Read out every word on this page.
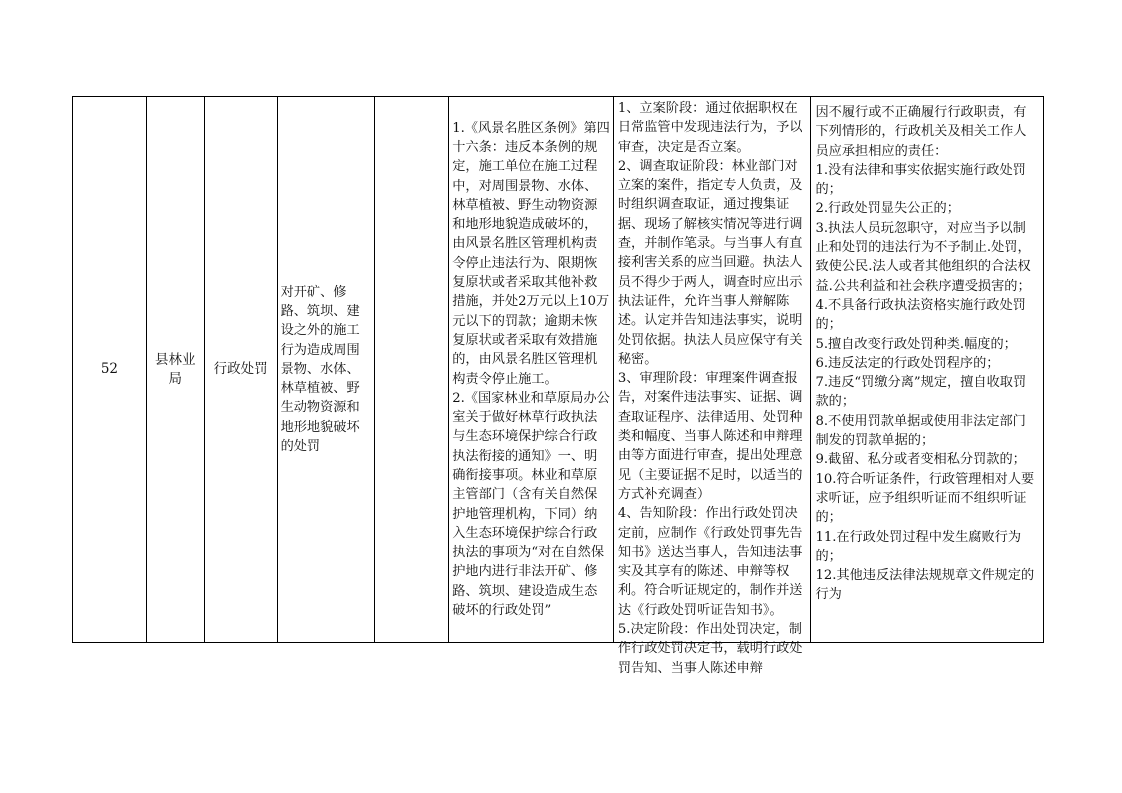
52
县林业局
行政处罚
对开矿、修路、筑坝、建设之外的施工行为造成周围景物、水体、林草植被、野生动物资源和地形地貌破坏的处罚
1.《风景名胜区条例》第四十六条：违反本条例的规定，施工单位在施工过程中，对周围景物、水体、林草植被、野生动物资源和地形地貌造成破坏的，由风景名胜区管理机构责令停止违法行为、限期恢复原状或者采取其他补救措施，并处2万元以上10万元以下的罚款；逾期未恢复原状或者采取有效措施的，由风景名胜区管理机构责令停止施工。
2.《国家林业和草原局办公室关于做好林草行政执法与生态环境保护综合行政执法衔接的通知》一、明确衔接事项。林业和草原主管部门（含有关自然保护地管理机构，下同）纳入生态环境保护综合行政执法的事项为“对在自然保护地内进行非法开矿、修路、筑坝、建设造成生态破坏的行政处罚”
1、立案阶段：通过依据职权在日常监管中发现违法行为，予以审查，决定是否立案。
2、调查取证阶段：林业部门对立案的案件，指定专人负责，及时组织调查取证，通过搜集证据、现场了解核实情况等进行调查，并制作笔录。与当事人有直接利害关系的应当回避。执法人员不得少于两人，调查时应出示执法证件，允许当事人辩解陈述。认定并告知违法事实，说明处罚依据。执法人员应保守有关秘密。
3、审理阶段：审理案件调查报告，对案件违法事实、证据、调查取证程序、法律适用、处罚种类和幅度、当事人陈述和申辩理由等方面进行审查，提出处理意见（主要证据不足时，以适当的方式补充调查）
4、告知阶段：作出行政处罚决定前，应制作《行政处罚事先告知书》送达当事人，告知违法事实及其享有的陈述、申辩等权利。符合听证规定的，制作并送达《行政处罚听证告知书》。
5.决定阶段：作出处罚决定，制作行政处罚决定书，载明行政处罚告知、当事人陈述申辩
因不履行或不正确履行行政职责，有下列情形的，行政机关及相关工作人员应承担相应的责任：
1.没有法律和事实依据实施行政处罚的；
2.行政处罚显失公正的；
3.执法人员玩忽职守，对应当予以制止和处罚的违法行为不予制止.处罚，致使公民.法人或者其他组织的合法权益.公共利益和社会秩序遭受损害的；
4.不具备行政执法资格实施行政处罚的；
5.擅自改变行政处罚种类.幅度的；
6.违反法定的行政处罚程序的；
7.违反“罚缴分离”规定，擅自收取罚款的；
8.不使用罚款单据或使用非法定部门制发的罚款单据的；
9.截留、私分或者变相私分罚款的；
10.符合听证条件，行政管理相对人要求听证，应予组织听证而不组织听证的；
11.在行政处罚过程中发生腐败行为的；
12.其他违反法律法规规章文件规定的行为
